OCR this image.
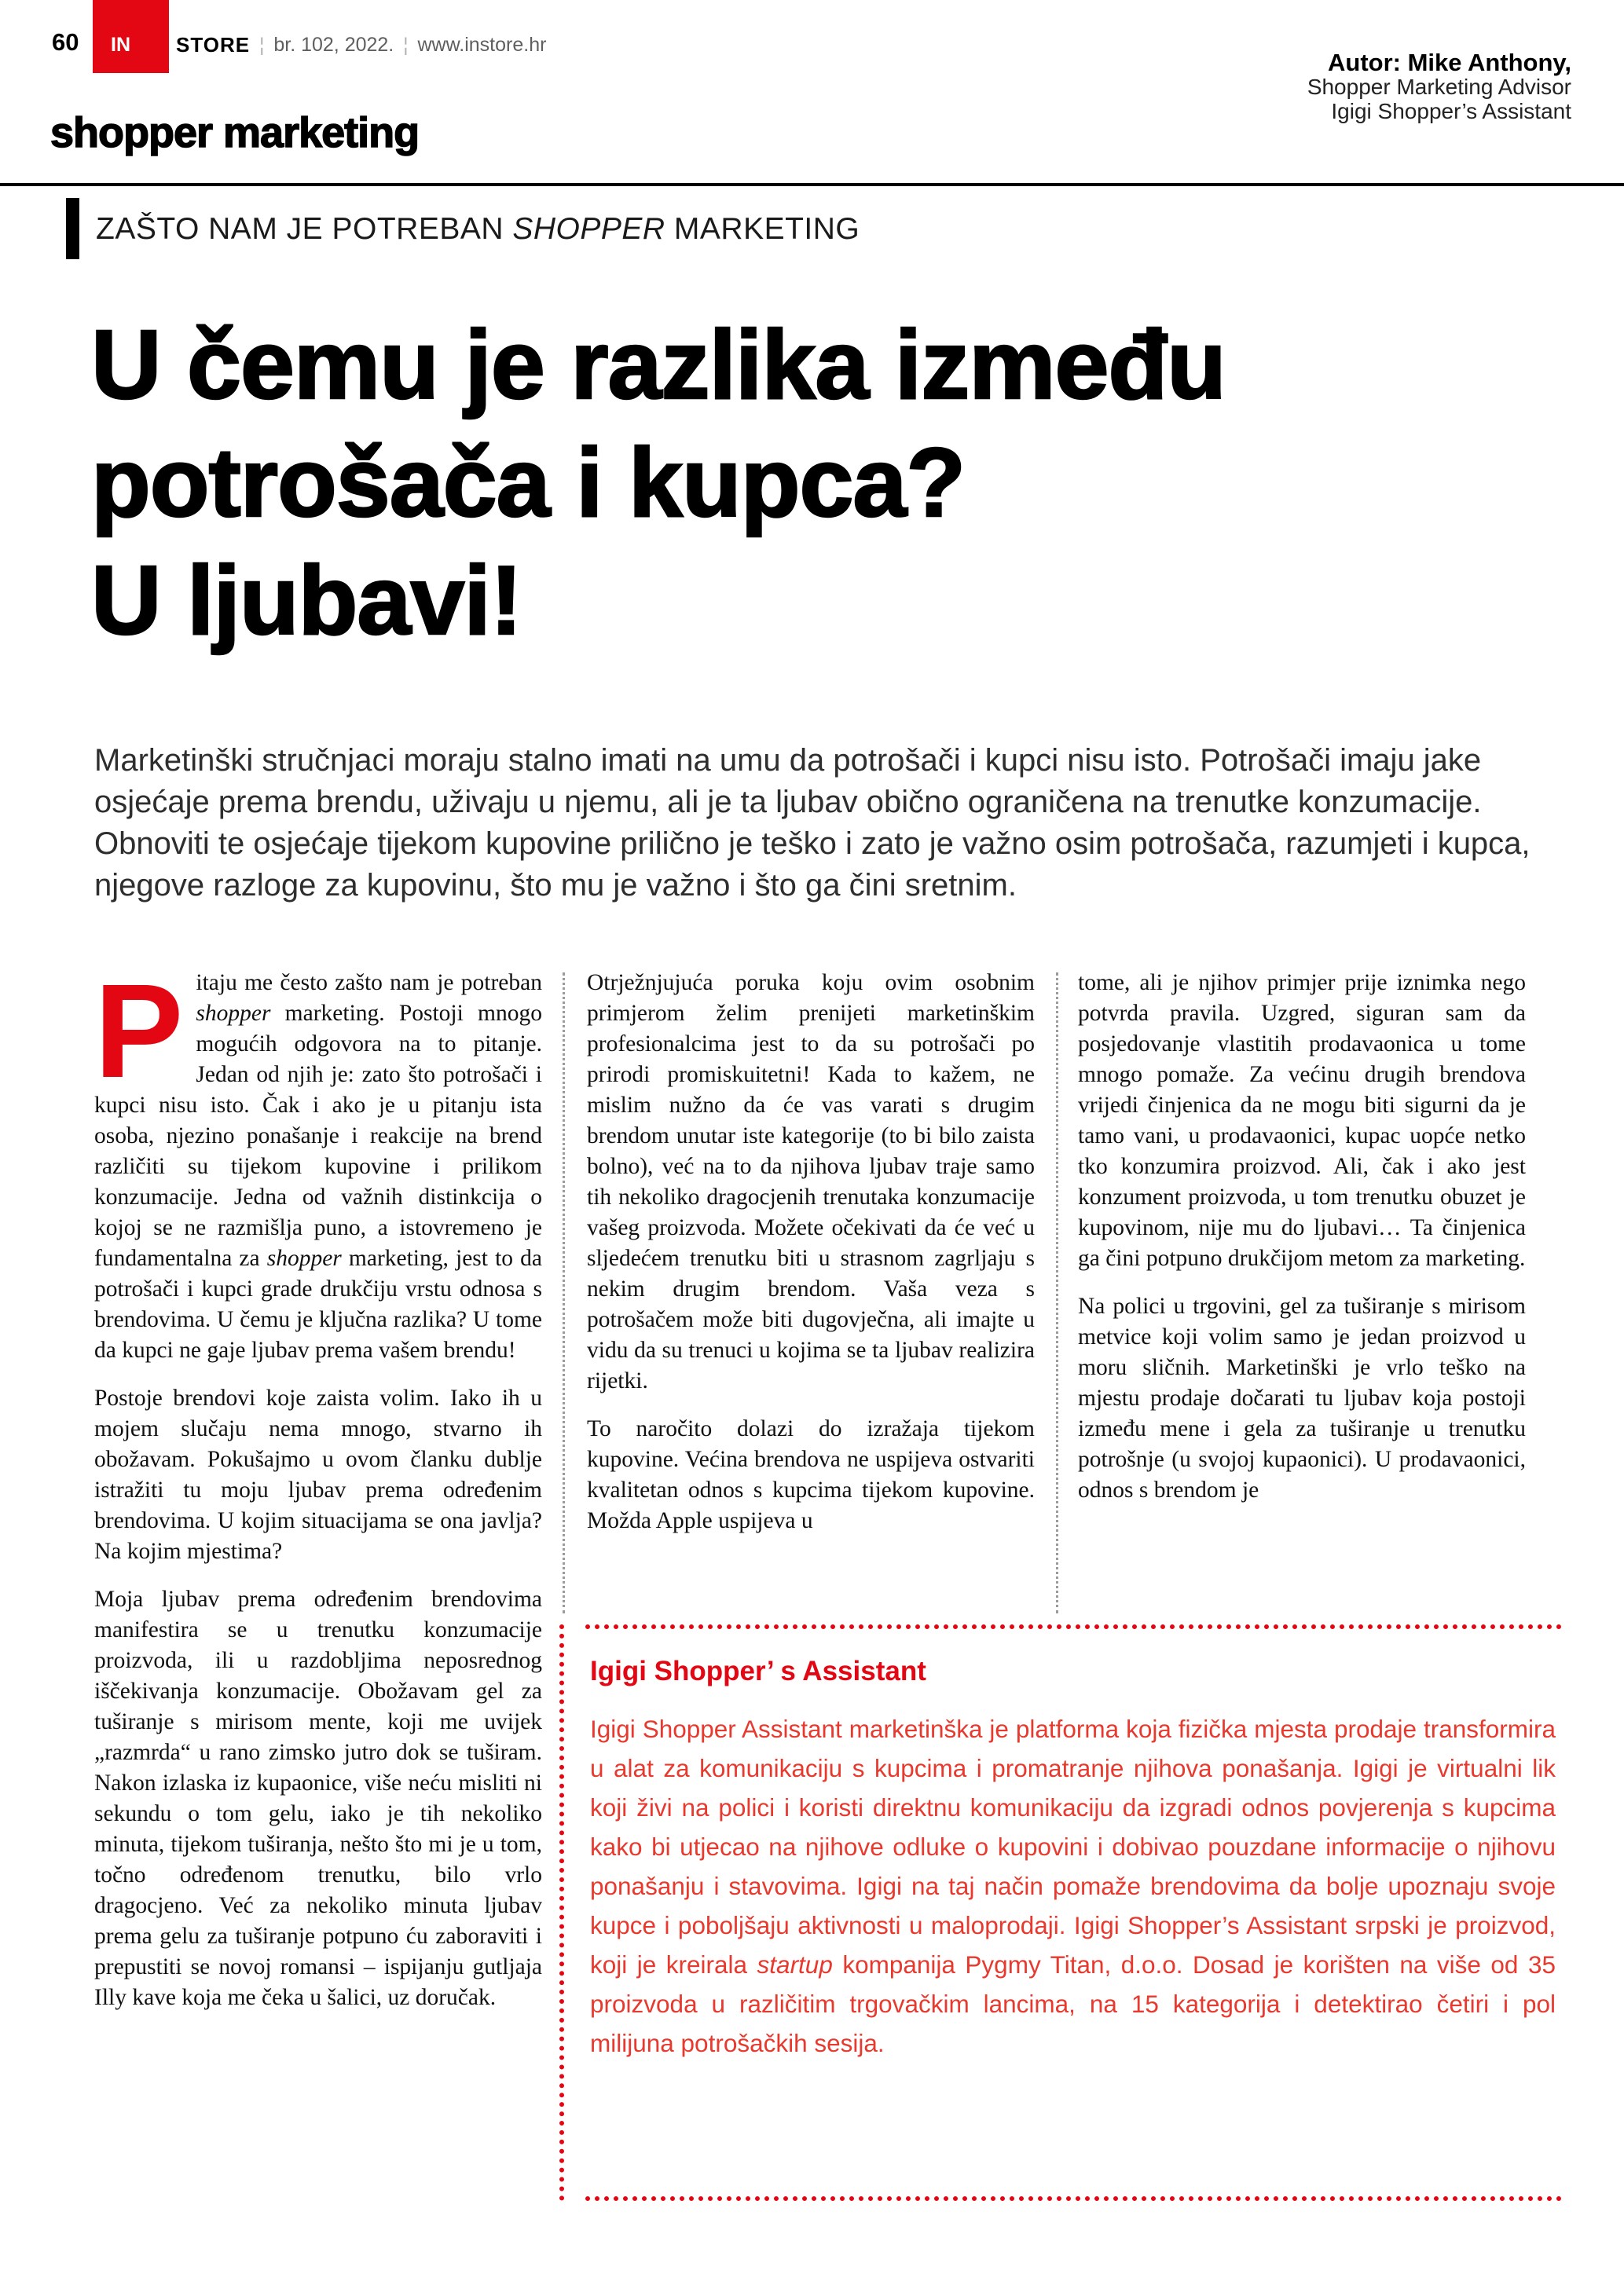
60 IN STORE ¦ br. 102, 2022. ¦ www.instore.hr
Autor: Mike Anthony,
Shopper Marketing Advisor
Igigi Shopper’s Assistant
shopper marketing
ZAŠTO NAM JE POTREBAN SHOPPER MARKETING
U čemu je razlika između
potrošača i kupca?
U ljubavi!

Marketinški stručnjaci moraju stalno imati na umu da potrošači i kupci nisu isto. Potrošači imaju jake osjećaje prema brendu, uživaju u njemu, ali je ta ljubav obično ograničena na trenutke konzumacije. Obnoviti te osjećaje tijekom kupovine prilično je teško i zato je važno osim potrošača, razumjeti i kupca, njegove razloge za kupovinu, što mu je važno i što ga čini sretnim.

Pitaju me često zašto nam je potreban shopper marketing. Postoji mnogo mogućih odgovora na to pitanje. Jedan od njih je: zato što potrošači i kupci nisu isto. Čak i ako je u pitanju ista osoba, njezino ponašanje i reakcije na brend različiti su tijekom kupovine i prilikom konzumacije. Jedna od važnih distinkcija o kojoj se ne razmišlja puno, a istovremeno je fundamentalna za shopper marketing, jest to da potrošači i kupci grade drukčiju vrstu odnosa s brendovima. U čemu je ključna razlika? U tome da kupci ne gaje ljubav prema vašem brendu!

Postoje brendovi koje zaista volim. Iako ih u mojem slučaju nema mnogo, stvarno ih obožavam. Pokušajmo u ovom članku dublje istražiti tu moju ljubav prema određenim brendovima. U kojim situacijama se ona javlja? Na kojim mjestima?

Moja ljubav prema određenim brendovima manifestira se u trenutku konzumacije proizvoda, ili u razdobljima neposrednog iščekivanja konzumacije. Obožavam gel za tuširanje s mirisom mente, koji me uvijek „razmrda“ u rano zimsko jutro dok se tuširam. Nakon izlaska iz kupaonice, više neću misliti ni sekundu o tom gelu, iako je tih nekoliko minuta, tijekom tuširanja, nešto što mi je u tom, točno određenom trenutku, bilo vrlo dragocjeno. Već za nekoliko minuta ljubav prema gelu za tuširanje potpuno ću zaboraviti i prepustiti se novoj romansi – ispijanju gutljaja Illy kave koja me čeka u šalici, uz doručak.

Otrježnjujuća poruka koju ovim osobnim primjerom želim prenijeti marketinškim profesionalcima jest to da su potrošači po prirodi promiskuitetni! Kada to kažem, ne mislim nužno da će vas varati s drugim brendom unutar iste kategorije (to bi bilo zaista bolno), već na to da njihova ljubav traje samo tih nekoliko dragocjenih trenutaka konzumacije vašeg proizvoda. Možete očekivati da će već u sljedećem trenutku biti u strasnom zagrljaju s nekim drugim brendom. Vaša veza s potrošačem može biti dugovječna, ali imajte u vidu da su trenuci u kojima se ta ljubav realizira rijetki.

To naročito dolazi do izražaja tijekom kupovine. Većina brendova ne uspijeva ostvariti kvalitetan odnos s kupcima tijekom kupovine. Možda Apple uspijeva u

tome, ali je njihov primjer prije iznimka nego potvrda pravila. Uzgred, siguran sam da posjedovanje vlastitih prodavaonica u tome mnogo pomaže. Za većinu drugih brendova vrijedi činjenica da ne mogu biti sigurni da je tamo vani, u prodavaonici, kupac uopće netko tko konzumira proizvod. Ali, čak i ako jest konzument proizvoda, u tom trenutku obuzet je kupovinom, nije mu do ljubavi… Ta činjenica ga čini potpuno drukčijom metom za marketing.

Na polici u trgovini, gel za tuširanje s mirisom metvice koji volim samo je jedan proizvod u moru sličnih. Marketinški je vrlo teško na mjestu prodaje dočarati tu ljubav koja postoji između mene i gela za tuširanje u trenutku potrošnje (u svojoj kupaonici). U prodavaonici, odnos s brendom je

Igigi Shopper’ s Assistant

Igigi Shopper Assistant marketinška je platforma koja fizička mjesta prodaje transformira u alat za komunikaciju s kupcima i promatranje njihova ponašanja. Igigi je virtualni lik koji živi na polici i koristi direktnu komunikaciju da izgradi odnos povjerenja s kupcima kako bi utjecao na njihove odluke o kupovini i dobivao pouzdane informacije o njihovu ponašanju i stavovima. Igigi na taj način pomaže brendovima da bolje upoznaju svoje kupce i poboljšaju aktivnosti u maloprodaji. Igigi Shopper’s Assistant srpski je proizvod, koji je kreirala startup kompanija Pygmy Titan, d.o.o. Dosad je korišten na više od 35 proizvoda u različitim trgovačkim lancima, na 15 kategorija i detektirao četiri i pol milijuna potrošačkih sesija.
